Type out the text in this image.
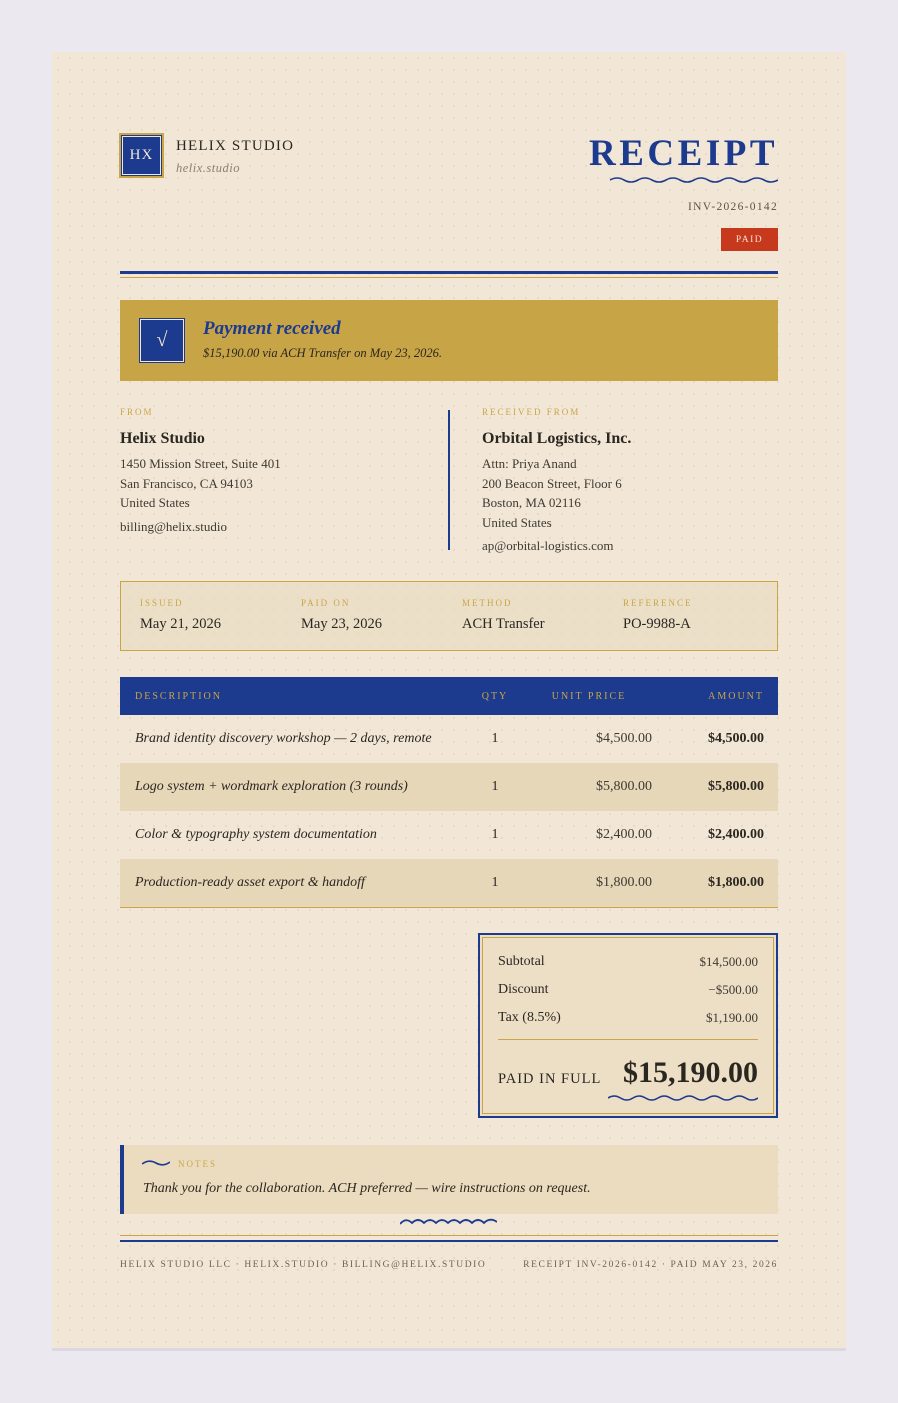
HX
HELIX STUDIO
helix.studio	RECEIPT
INV-2026-0142
PAID
√
Payment received
$15,190.00 via ACH Transfer on May 23, 2026.
FROM
Helix Studio
1450 Mission Street, Suite 401
San Francisco, CA 94103
United States
billing@helix.studio
RECEIVED FROM
Orbital Logistics, Inc.
Attn: Priya Anand
200 Beacon Street, Floor 6
Boston, MA 02116
United States
ap@orbital-logistics.com
ISSUED
May 21, 2026
PAID ON
May 23, 2026
METHOD
ACH Transfer
REFERENCE
PO-9988-A
DESCRIPTION	QTY	UNIT PRICE	AMOUNT
Brand identity discovery workshop — 2 days, remote	1	$4,500.00	$4,500.00
Logo system + wordmark exploration (3 rounds)	1	$5,800.00	$5,800.00
Color & typography system documentation	1	$2,400.00	$2,400.00
Production-ready asset export & handoff	1	$1,800.00	$1,800.00
Subtotal	$14,500.00
Discount	−$500.00
Tax (8.5%)	$1,190.00
PAID IN FULL $15,190.00
NOTES
Thank you for the collaboration. ACH preferred — wire instructions on request.
HELIX STUDIO LLC · HELIX.STUDIO · BILLING@HELIX.STUDIO	RECEIPT INV-2026-0142 · PAID MAY 23, 2026
